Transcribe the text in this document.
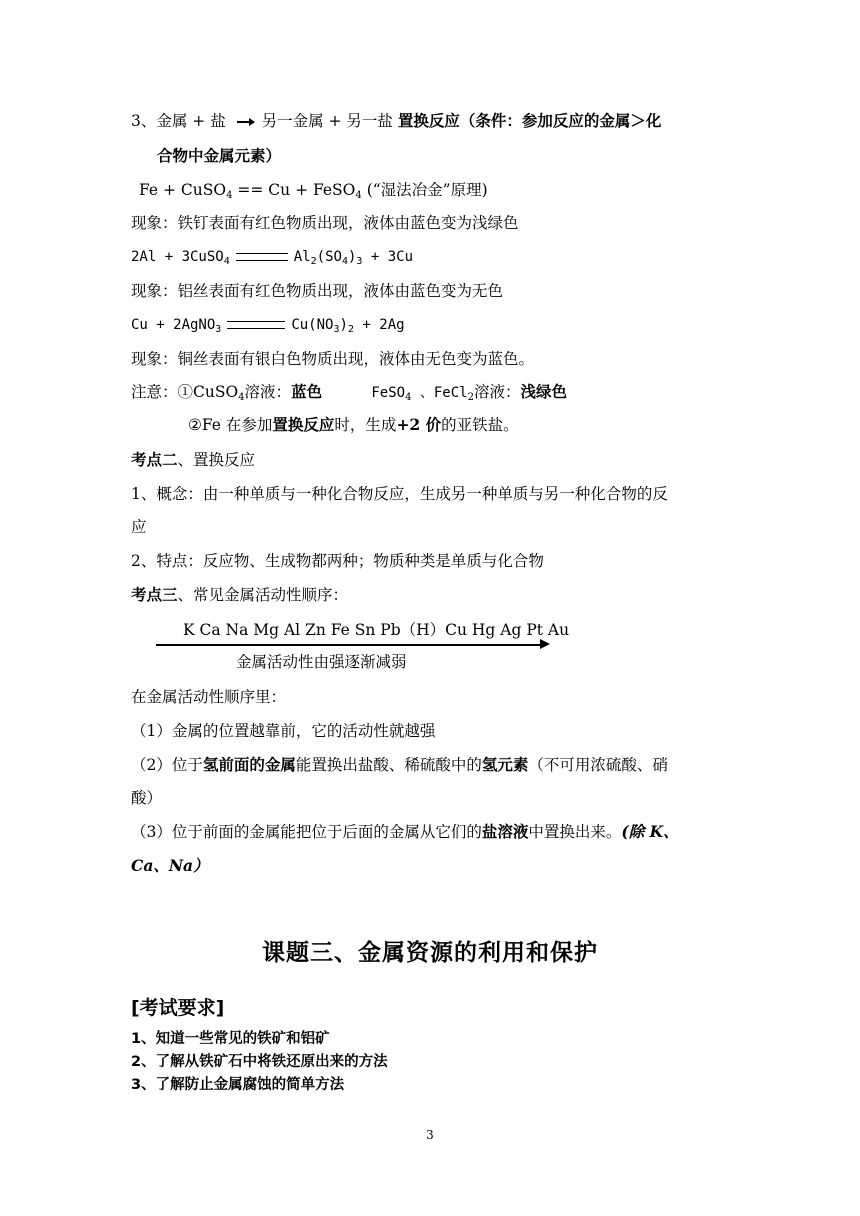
3、金属 + 盐  另一金属 + 另一盐 置换反应（条件：参加反应的金属＞化
合物中金属元素）
Fe + CuSO$_4$ == Cu + FeSO$_4$ (“湿法冶金”原理)
现象：铁钉表面有红色物质出现，液体由蓝色变为浅绿色
2Al + 3CuSO$_4$	$Al_2(SO_4)_3 + 3Cu$
现象：铝丝表面有红色物质出现，液体由蓝色变为无色
Cu + 2AgNO$_3$	$Cu(NO_3)_2 + 2Ag$
现象：铜丝表面有银白色物质出现，液体由无色变为蓝色。
注意：①CuSO$_4$溶液：蓝色	FeSO$_4$ 、FeCl$_2$溶液：浅绿色
②Fe 在参加置换反应时，生成+2 价的亚铁盐。
考点二、置换反应
1、概念：由一种单质与一种化合物反应，生成另一种单质与另一种化合物的反
应
2、特点：反应物、生成物都两种；物质种类是单质与化合物
考点三、常见金属活动性顺序：
K Ca Na Mg Al Zn Fe Sn Pb（H）Cu Hg Ag Pt Au
金属活动性由强逐渐减弱
在金属活动性顺序里：
（1）金属的位置越靠前，它的活动性就越强
（2）位于氢前面的金属能置换出盐酸、稀硫酸中的氢元素（不可用浓硫酸、硝
酸）
（3）位于前面的金属能把位于后面的金属从它们的盐溶液中置换出来。(除 K、
Ca、Na）
课题三、金属资源的利用和保护
[考试要求]
1、知道一些常见的铁矿和铝矿
2、了解从铁矿石中将铁还原出来的方法
3、了解防止金属腐蚀的简单方法
3
